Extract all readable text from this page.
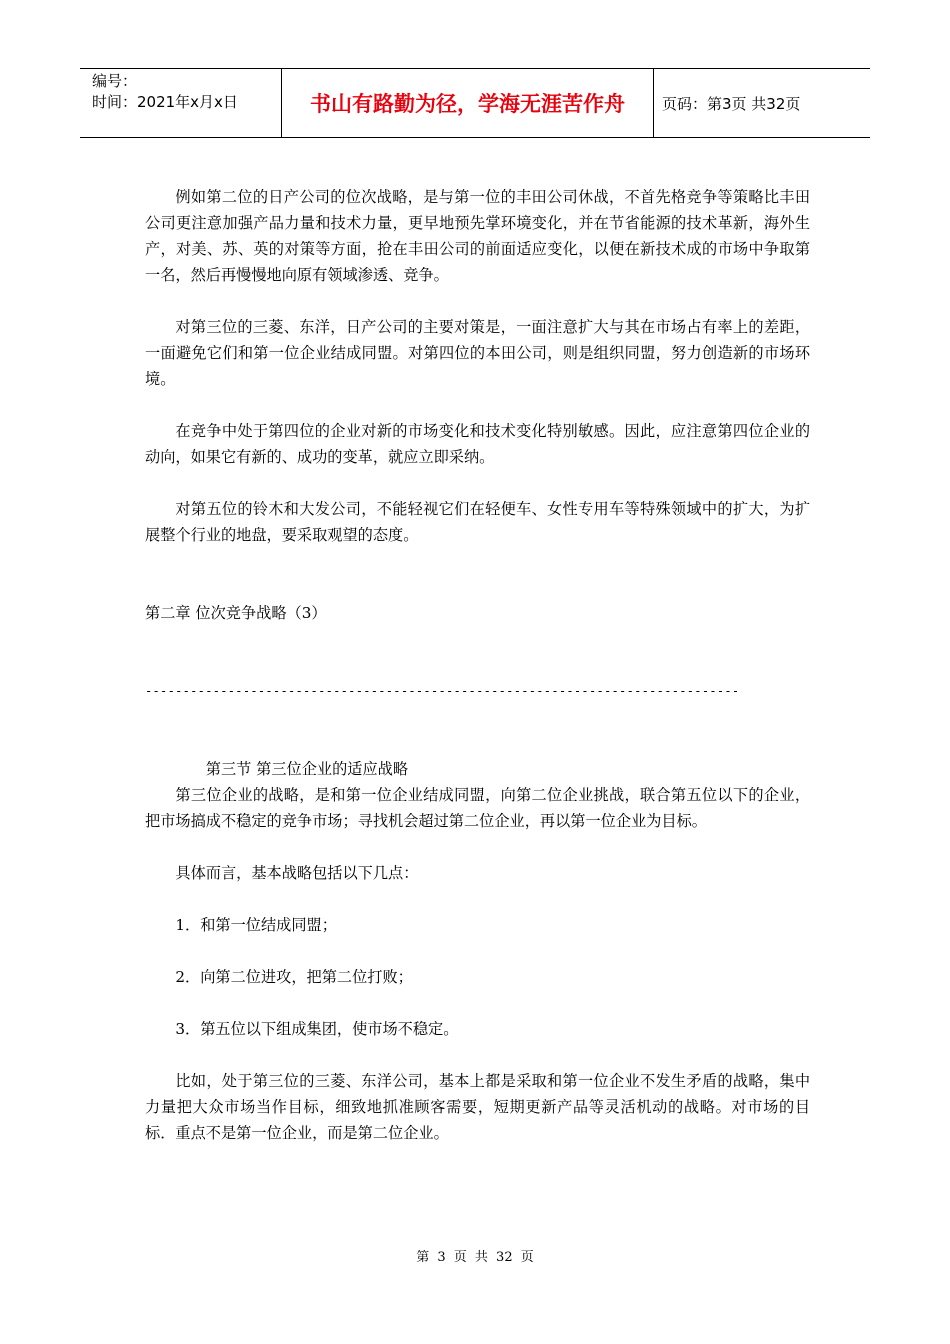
编号：
时间：2021年x月x日	书山有路勤为径，学海无涯苦作舟	页码：第3页 共32页

例如第二位的日产公司的位次战略，是与第一位的丰田公司休战，不首先格竞争等策略比丰田公司更注意加强产品力量和技术力量，更早地预先掌环境变化，并在节省能源的技术革新，海外生产，对美、苏、英的对策等方面，抢在丰田公司的前面适应变化，以便在新技术成的市场中争取第一名，然后再慢慢地向原有领域渗透、竞争。

对第三位的三菱、东洋，日产公司的主要对策是，一面注意扩大与其在市场占有率上的差距，一面避免它们和第一位企业结成同盟。对第四位的本田公司，则是组织同盟，努力创造新的市场环境。

在竞争中处于第四位的企业对新的市场变化和技术变化特别敏感。因此，应注意第四位企业的动向，如果它有新的、成功的变革，就应立即采纳。

对第五位的铃木和大发公司，不能轻视它们在轻便车、女性专用车等特殊领域中的扩大，为扩展整个行业的地盘，要采取观望的态度。

第二章 位次竞争战略（3）

-------------------------------------------------------------------------------

第三节 第三位企业的适应战略

第三位企业的战略，是和第一位企业结成同盟，向第二位企业挑战，联合第五位以下的企业，把市场搞成不稳定的竞争市场；寻找机会超过第二位企业，再以第一位企业为目标。

具体而言，基本战略包括以下几点：

1．和第一位结成同盟；

2．向第二位进攻，把第二位打败；

3．第五位以下组成集团，使市场不稳定。

比如，处于第三位的三菱、东洋公司，基本上都是采取和第一位企业不发生矛盾的战略，集中力量把大众市场当作目标，细致地抓准顾客需要，短期更新产品等灵活机动的战略。对市场的目标．重点不是第一位企业，而是第二位企业。

第 3 页 共 32 页
